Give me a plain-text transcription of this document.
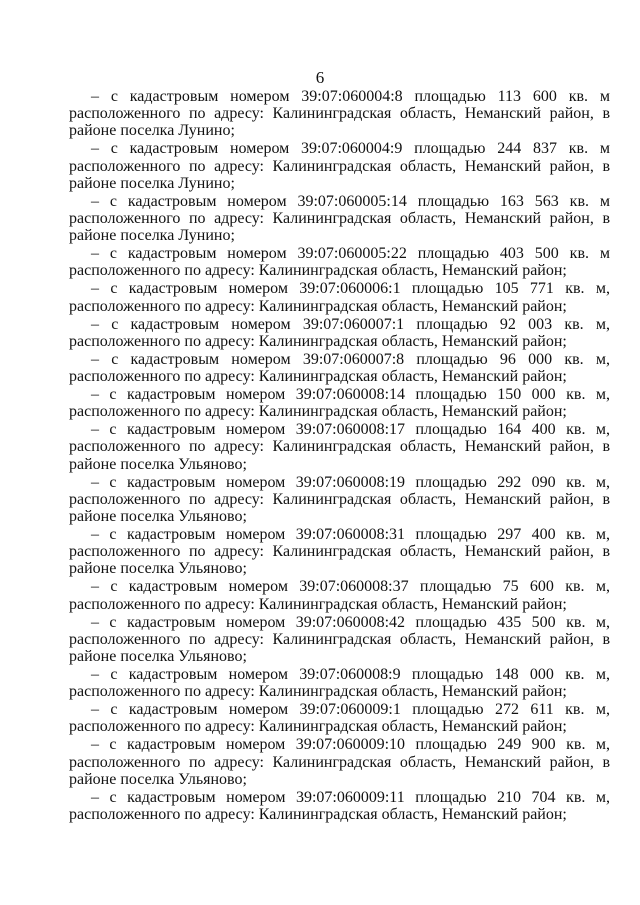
6
– с кадастровым номером 39:07:060004:8 площадью 113 600 кв. м
расположенного по адресу: Калининградская область, Неманский район, в районе поселка Лунино;
– с кадастровым номером 39:07:060004:9 площадью 244 837 кв. м
расположенного по адресу: Калининградская область, Неманский район, в районе поселка Лунино;
– с кадастровым номером 39:07:060005:14 площадью 163 563 кв. м
расположенного по адресу: Калининградская область, Неманский район, в районе поселка Лунино;
– с кадастровым номером 39:07:060005:22 площадью 403 500 кв. м
расположенного по адресу: Калининградская область, Неманский район;
– с кадастровым номером 39:07:060006:1 площадью 105 771 кв. м,
расположенного по адресу: Калининградская область, Неманский район;
– с кадастровым номером 39:07:060007:1 площадью 92 003 кв. м,
расположенного по адресу: Калининградская область, Неманский район;
– с кадастровым номером 39:07:060007:8 площадью 96 000 кв. м,
расположенного по адресу: Калининградская область, Неманский район;
– с кадастровым номером 39:07:060008:14 площадью 150 000 кв. м,
расположенного по адресу: Калининградская область, Неманский район;
– с кадастровым номером 39:07:060008:17 площадью 164 400 кв. м,
расположенного по адресу: Калининградская область, Неманский район, в районе поселка Ульяново;
– с кадастровым номером 39:07:060008:19 площадью 292 090 кв. м,
расположенного по адресу: Калининградская область, Неманский район, в районе поселка Ульяново;
– с кадастровым номером 39:07:060008:31 площадью 297 400 кв. м,
расположенного по адресу: Калининградская область, Неманский район, в районе поселка Ульяново;
– с кадастровым номером 39:07:060008:37 площадью 75 600 кв. м,
расположенного по адресу: Калининградская область, Неманский район;
– с кадастровым номером 39:07:060008:42 площадью 435 500 кв. м,
расположенного по адресу: Калининградская область, Неманский район, в районе поселка Ульяново;
– с кадастровым номером 39:07:060008:9 площадью 148 000 кв. м,
расположенного по адресу: Калининградская область, Неманский район;
– с кадастровым номером 39:07:060009:1 площадью 272 611 кв. м,
расположенного по адресу: Калининградская область, Неманский район;
– с кадастровым номером 39:07:060009:10 площадью 249 900 кв. м,
расположенного по адресу: Калининградская область, Неманский район, в районе поселка Ульяново;
– с кадастровым номером 39:07:060009:11 площадью 210 704 кв. м,
расположенного по адресу: Калининградская область, Неманский район;
